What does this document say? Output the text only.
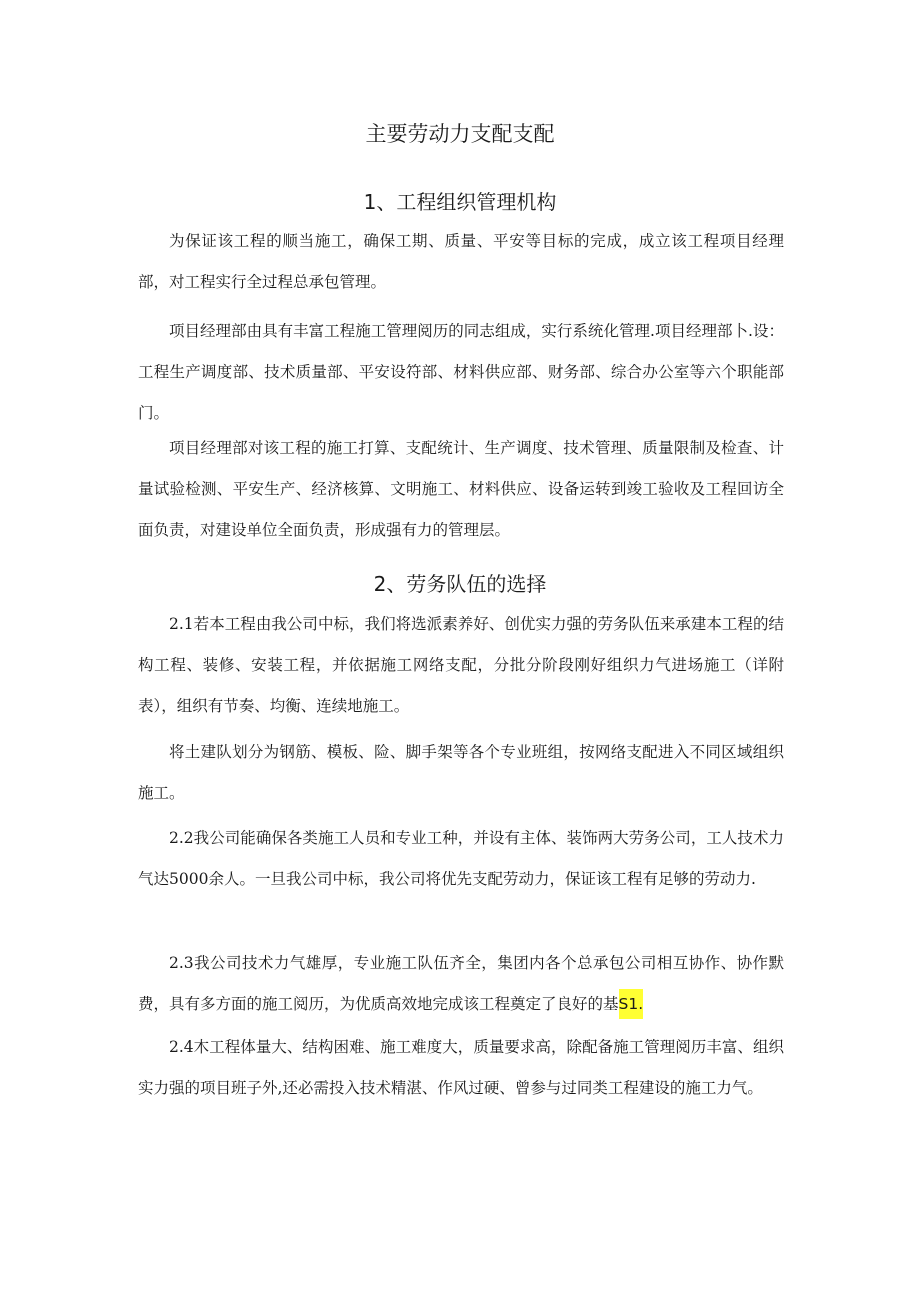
主要劳动力支配支配
1、工程组织管理机构

为保证该工程的顺当施工，确保工期、质量、平安等目标的完成，成立该工程项目经理部，对工程实行全过程总承包管理。

项目经理部由具有丰富工程施工管理阅历的同志组成，实行系统化管理.项目经理部卜.设：工程生产调度部、技术质量部、平安设符部、材料供应部、财务部、综合办公室等六个职能部门。

项目经理部对该工程的施工打算、支配统计、生产调度、技术管理、质量限制及检查、计量试验检测、平安生产、经济核算、文明施工、材料供应、设备运转到竣工验收及工程回访全面负责，对建设单位全面负责，形成强有力的管理层。

2、劳务队伍的选择

2.1若本工程由我公司中标，我们将选派素养好、创优实力强的劳务队伍来承建本工程的结构工程、装修、安装工程，并依据施工网络支配，分批分阶段刚好组织力气进场施工（详附表），组织有节奏、均衡、连续地施工。

将土建队划分为钢筋、模板、险、脚手架等各个专业班组，按网络支配进入不同区域组织施工。

2.2我公司能确保各类施工人员和专业工种，并设有主体、装饰两大劳务公司，工人技术力气达5000余人。一旦我公司中标，我公司将优先支配劳动力，保证该工程有足够的劳动力.

2.3我公司技术力气雄厚，专业施工队伍齐全，集团内各个总承包公司相互协作、协作默费，具有多方面的施工阅历，为优质高效地完成该工程奠定了良好的基S1.

2.4木工程体量大、结构困难、施工难度大，质量要求高，除配备施工管理阅历丰富、组织实力强的项目班子外,还必需投入技术精湛、作风过硬、曾参与过同类工程建设的施工力气。
